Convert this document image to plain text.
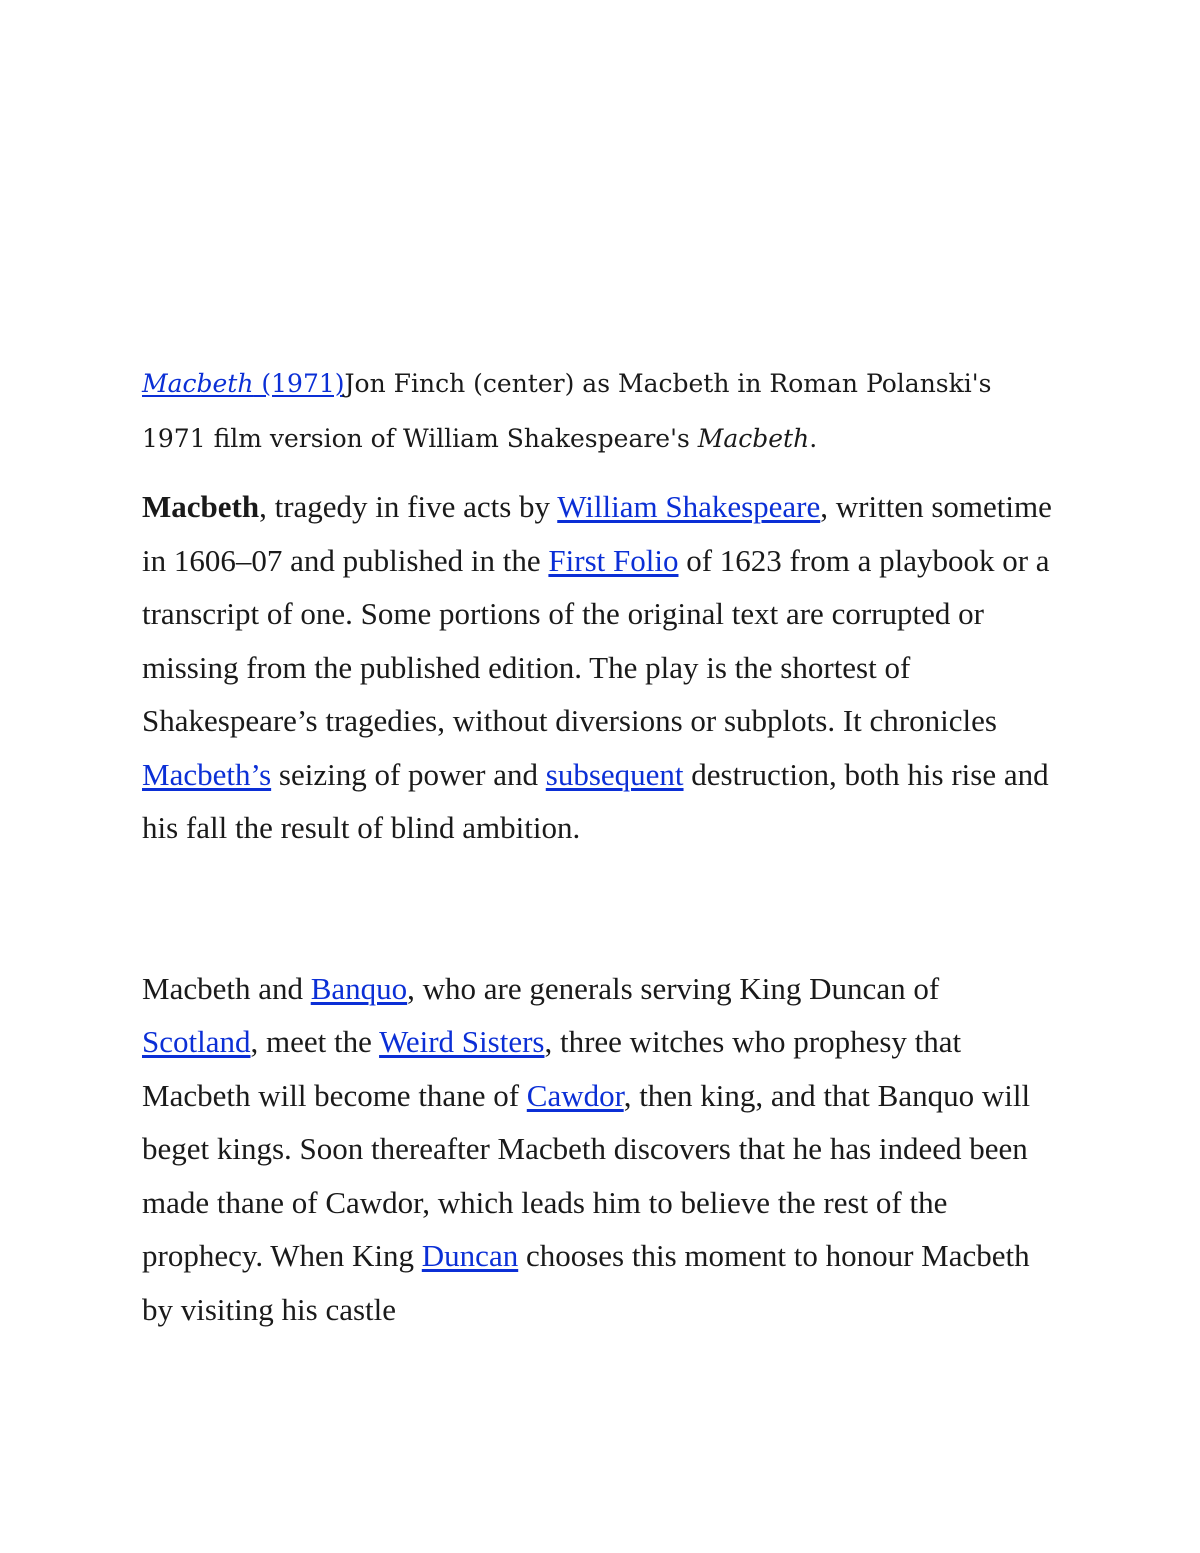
Macbeth (1971)Jon Finch (center) as Macbeth in Roman Polanski's 1971 film version of William Shakespeare's Macbeth.

Macbeth, tragedy in five acts by William Shakespeare, written sometime in 1606–07 and published in the First Folio of 1623 from a playbook or a transcript of one. Some portions of the original text are corrupted or missing from the published edition. The play is the shortest of Shakespeare’s tragedies, without diversions or subplots. It chronicles Macbeth’s seizing of power and subsequent destruction, both his rise and his fall the result of blind ambition.

Macbeth and Banquo, who are generals serving King Duncan of Scotland, meet the Weird Sisters, three witches who prophesy that Macbeth will become thane of Cawdor, then king, and that Banquo will beget kings. Soon thereafter Macbeth discovers that he has indeed been made thane of Cawdor, which leads him to believe the rest of the prophecy. When King Duncan chooses this moment to honour Macbeth by visiting his castle
